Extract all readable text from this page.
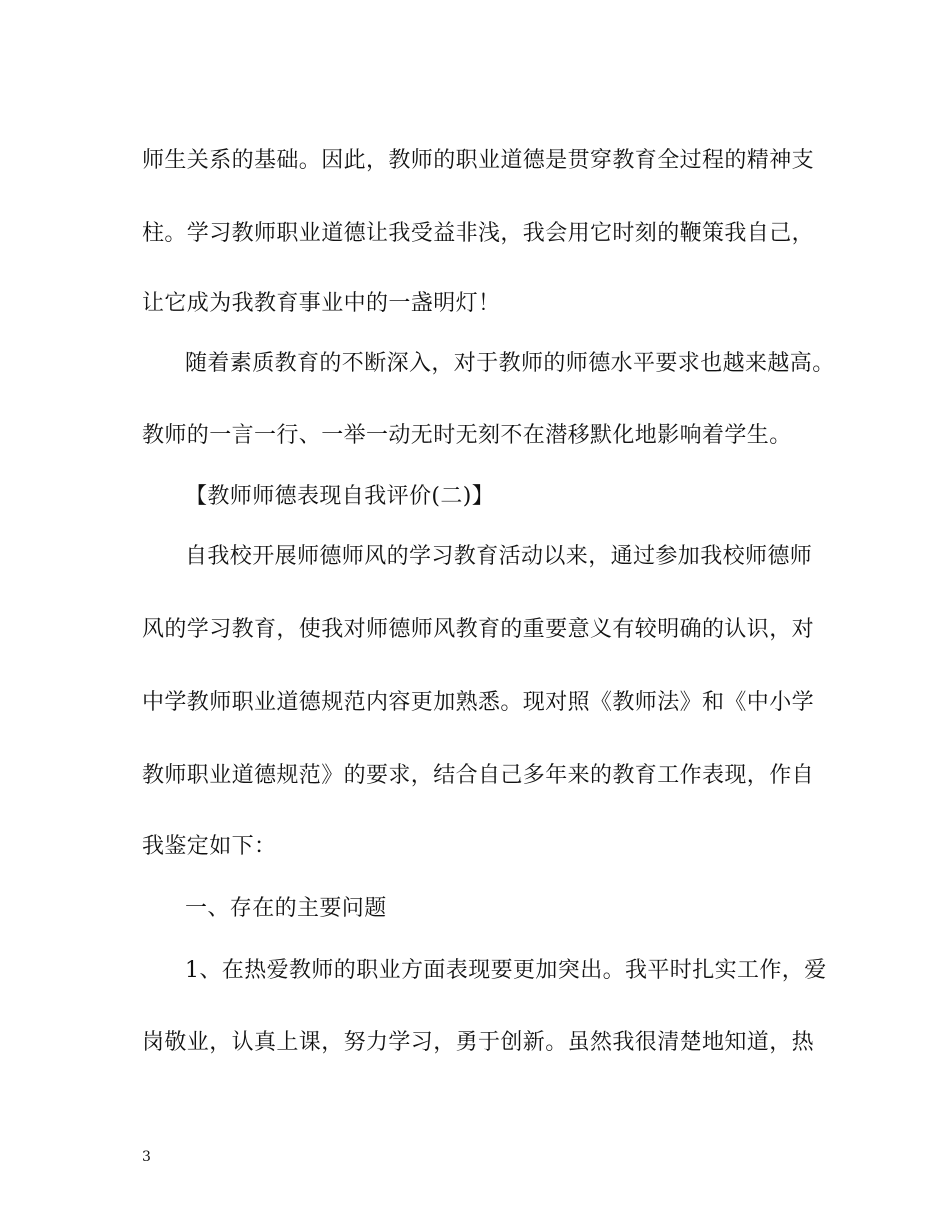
师生关系的基础。因此，教师的职业道德是贯穿教育全过程的精神支
柱。学习教师职业道德让我受益非浅，我会用它时刻的鞭策我自己，
让它成为我教育事业中的一盏明灯！
随着素质教育的不断深入，对于教师的师德水平要求也越来越高。
教师的一言一行、一举一动无时无刻不在潜移默化地影响着学生。
【教师师德表现自我评价(二)】
自我校开展师德师风的学习教育活动以来，通过参加我校师德师
风的学习教育，使我对师德师风教育的重要意义有较明确的认识，对
中学教师职业道德规范内容更加熟悉。现对照《教师法》和《中小学
教师职业道德规范》的要求，结合自己多年来的教育工作表现，作自
我鉴定如下：
一、存在的主要问题
1、在热爱教师的职业方面表现要更加突出。我平时扎实工作，爱
岗敬业，认真上课，努力学习，勇于创新。虽然我很清楚地知道，热
3
